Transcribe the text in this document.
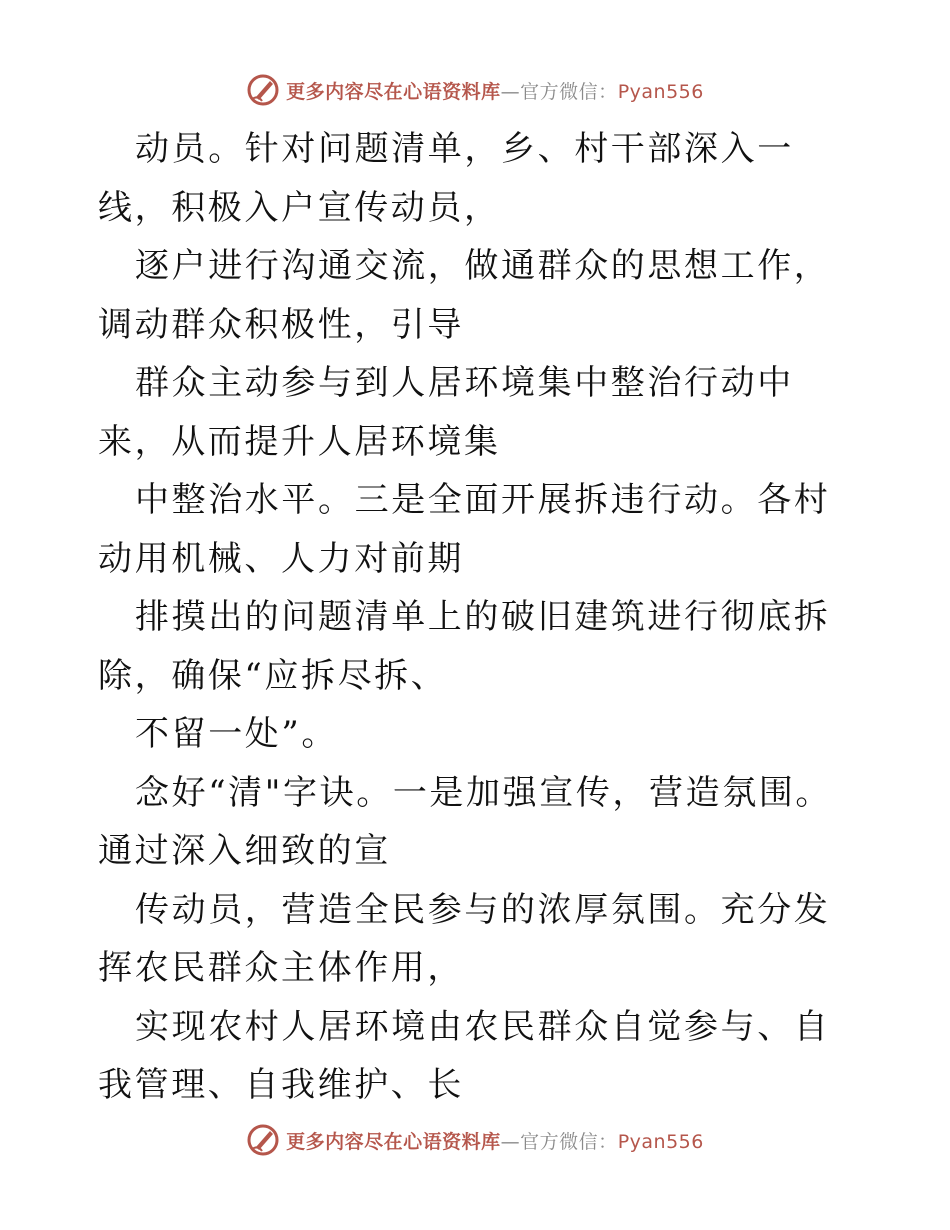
更多内容尽在心语资料库—官方微信：Pyan556

动员。针对问题清单，乡、村干部深入一线，积极入户宣传动员，

逐户进行沟通交流，做通群众的思想工作，调动群众积极性，引导

群众主动参与到人居环境集中整治行动中来，从而提升人居环境集

中整治水平。三是全面开展拆违行动。各村动用机械、人力对前期

排摸出的问题清单上的破旧建筑进行彻底拆除，确保“应拆尽拆、

不留一处”。

念好“清"字诀。一是加强宣传，营造氛围。通过深入细致的宣

传动员，营造全民参与的浓厚氛围。充分发挥农民群众主体作用，

实现农村人居环境由农民群众自觉参与、自我管理、自我维护、长

更多内容尽在心语资料库—官方微信：Pyan556
